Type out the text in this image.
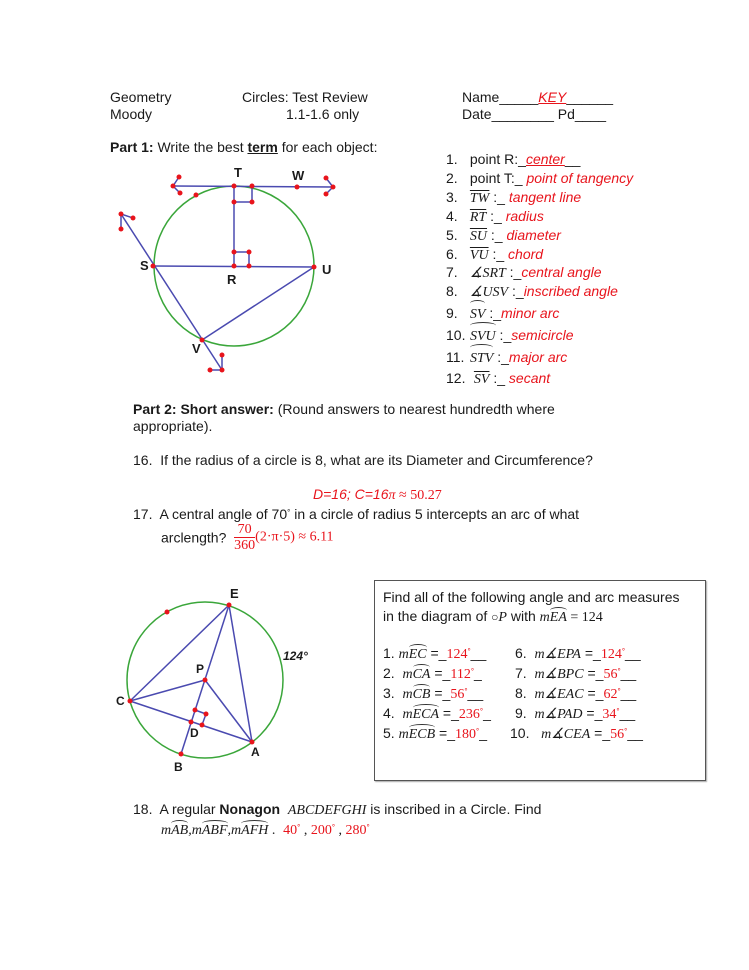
Geometry
Moody
Circles: Test Review
1.1-1.6 only
Name_____KEY______
Date________ Pd____
Part 1: Write the best term for each object:
T	W
S
R
U
V
1. point R:_center__
2. point T:_ point of tangency
3. $\overline{TW}$ :_ tangent line
4. $\overline{RT}$ :_ radius
5. $\overline{SU}$ :_ diameter
6. $\overline{VU}$ :_ chord
7. ∡SRT :_central angle
8. ∡USV :_inscribed angle
9. SV :_minor arc
10. SVU :_semicircle
11. STV :_major arc
12. $\overline{SV}$ :_ secant
Part 2: Short answer: (Round answers to nearest hundredth where
appropriate).
16. If the radius of a circle is 8, what are its Diameter and Circumference?
D=16; C=16π ≈ 50.27
17. A central angle of 70° in a circle of radius 5 intercepts an arc of what
arclength? $\frac{70}{360} (2\cdot\pi\cdot 5) \approx 6.11$
E
P
C
D
A
B
124°
Find all of the following angle and arc measures
in the diagram of ○P with mEA = 124
1. mEC =_124°__
2. mCA =_112°_
3. mCB =_56°__
4. mECA =_236°_
5. mECB =_180°_
6. m∡EPA =_124°__
7. m∡BPC =_56°__
8. m∡EAC =_62°__
9. m∡PAD =_34°__
10. m∡CEA =_56°__
18. A regular Nonagon ABCDEFGHI is inscribed in a Circle. Find
mAB,mABF,mAFH . 40° , 200° , 280°
